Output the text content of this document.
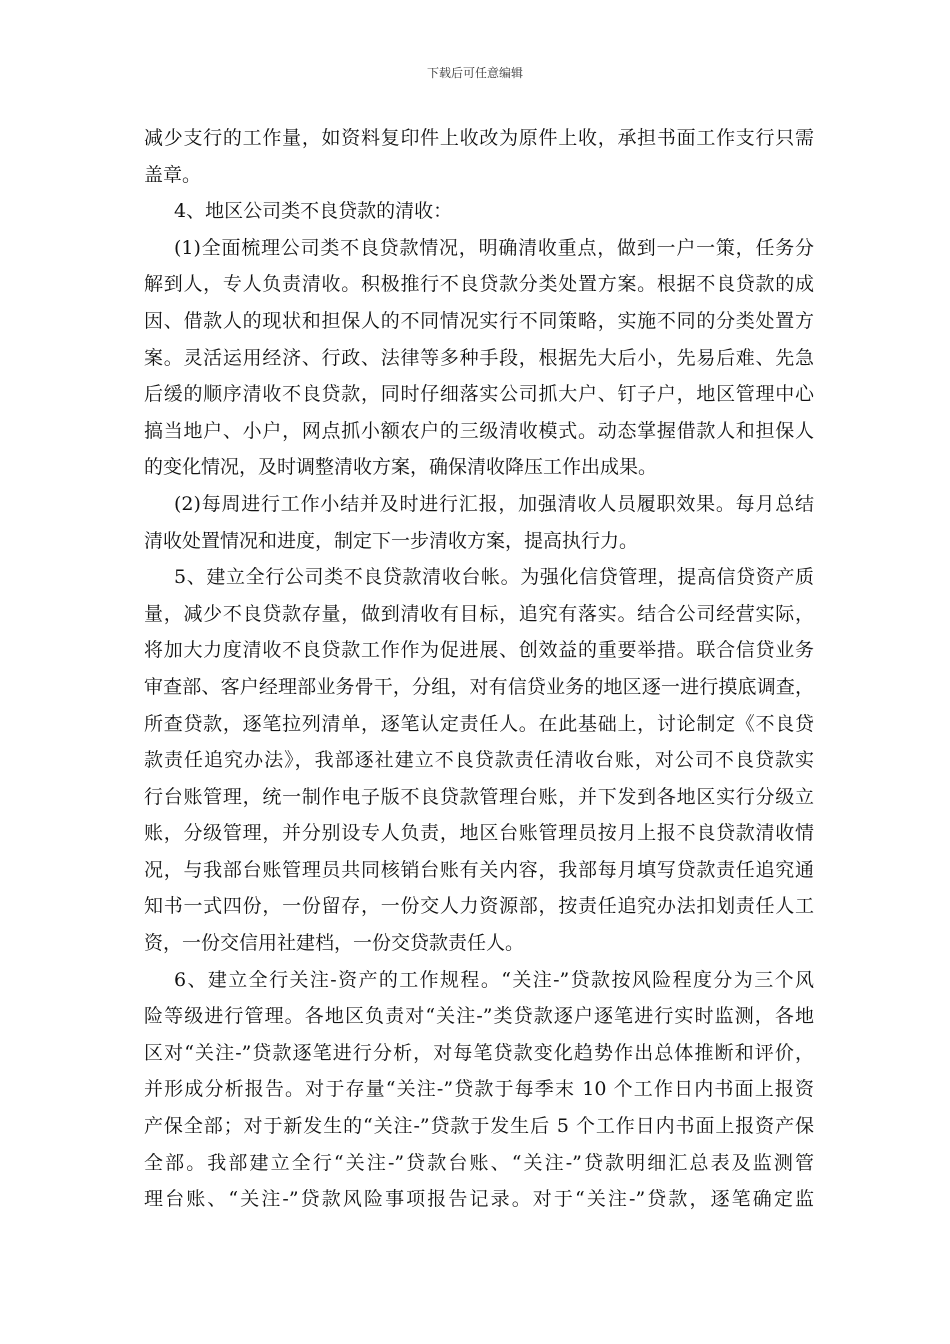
下载后可任意编辑
减少支行的工作量，如资料复印件上收改为原件上收，承担书面工作支行只需
盖章。
4、地区公司类不良贷款的清收：
(1)全面梳理公司类不良贷款情况，明确清收重点，做到一户一策，任务分
解到人，专人负责清收。积极推行不良贷款分类处置方案。根据不良贷款的成
因、借款人的现状和担保人的不同情况实行不同策略，实施不同的分类处置方
案。灵活运用经济、行政、法律等多种手段，根据先大后小，先易后难、先急
后缓的顺序清收不良贷款，同时仔细落实公司抓大户、钉子户，地区管理中心
搞当地户、小户，网点抓小额农户的三级清收模式。动态掌握借款人和担保人
的变化情况，及时调整清收方案，确保清收降压工作出成果。
(2)每周进行工作小结并及时进行汇报，加强清收人员履职效果。每月总结
清收处置情况和进度，制定下一步清收方案，提高执行力。
5、建立全行公司类不良贷款清收台帐。为强化信贷管理，提高信贷资产质
量，减少不良贷款存量，做到清收有目标，追究有落实。结合公司经营实际，
将加大力度清收不良贷款工作作为促进展、创效益的重要举措。联合信贷业务
审查部、客户经理部业务骨干，分组，对有信贷业务的地区逐一进行摸底调查，
所查贷款，逐笔拉列清单，逐笔认定责任人。在此基础上，讨论制定《不良贷
款责任追究办法》，我部逐社建立不良贷款责任清收台账，对公司不良贷款实
行台账管理，统一制作电子版不良贷款管理台账，并下发到各地区实行分级立
账，分级管理，并分别设专人负责，地区台账管理员按月上报不良贷款清收情
况，与我部台账管理员共同核销台账有关内容，我部每月填写贷款责任追究通
知书一式四份，一份留存，一份交人力资源部，按责任追究办法扣划责任人工
资，一份交信用社建档，一份交贷款责任人。
6、建立全行关注-资产的工作规程。“关注-”贷款按风险程度分为三个风
险等级进行管理。各地区负责对“关注-”类贷款逐户逐笔进行实时监测，各地
区对“关注-”贷款逐笔进行分析，对每笔贷款变化趋势作出总体推断和评价，
并形成分析报告。对于存量“关注-”贷款于每季末 10 个工作日内书面上报资
产保全部；对于新发生的“关注-”贷款于发生后 5 个工作日内书面上报资产保
全部。我部建立全行“关注-”贷款台账、“关注-”贷款明细汇总表及监测管
理台账、“关注-”贷款风险事项报告记录。对于“关注-”贷款，逐笔确定监
